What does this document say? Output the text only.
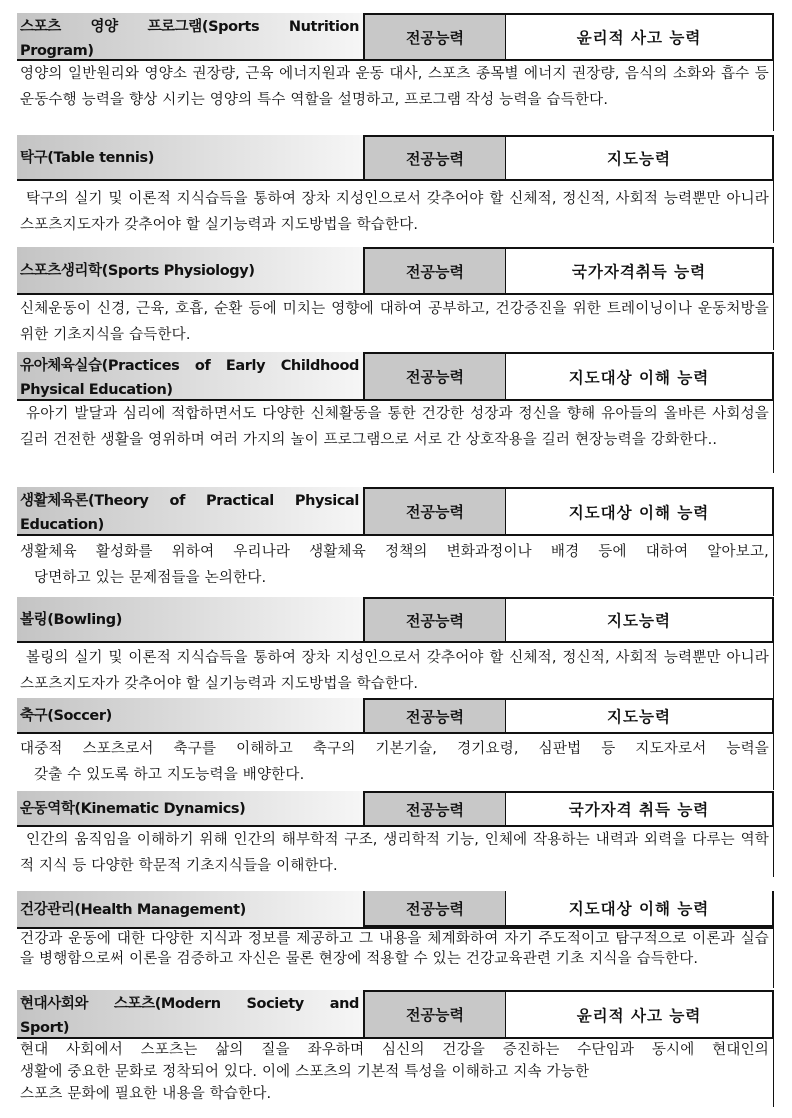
스포츠 영양 프로그램(Sports Nutrition
Program)
전공능력	윤리적 사고 능력
영양의 일반원리와 영양소 권장량, 근육 에너지원과 운동 대사, 스포츠 종목별 에너지 권장량, 음식의 소화와 흡수 등 운동수행 능력을 향상 시키는 영양의 특수 역할을 설명하고, 프로그램 작성 능력을 습득한다.
탁구(Table tennis)	전공능력	지도능력
탁구의 실기 및 이론적 지식습득을 통하여 장차 지성인으로서 갖추어야 할 신체적, 정신적, 사회적 능력뿐만 아니라 스포츠지도자가 갖추어야 할 실기능력과 지도방법을 학습한다.
스포츠생리학(Sports Physiology)	전공능력	국가자격취득 능력
신체운동이 신경, 근육, 호흡, 순환 등에 미치는 영향에 대하여 공부하고, 건강증진을 위한 트레이닝이나 운동처방을 위한 기초지식을 습득한다.
유아체육실습(Practices of Early Childhood
Physical Education)
전공능력	지도대상 이해 능력
유아기 발달과 심리에 적합하면서도 다양한 신체활동을 통한 건강한 성장과 정신을 향해 유아들의 올바른 사회성을 길러 건전한 생활을 영위하며 여러 가지의 놀이 프로그램으로 서로 간 상호작용을 길러 현장능력을 강화한다..
생활체육론(Theory of Practical Physical
Education)
전공능력	지도대상 이해 능력
생활체육 활성화를 위하여 우리나라 생활체육 정책의 변화과정이나 배경 등에 대하여 알아보고,
당면하고 있는 문제점들을 논의한다.
볼링(Bowling)	전공능력	지도능력
볼링의 실기 및 이론적 지식습득을 통하여 장차 지성인으로서 갖추어야 할 신체적, 정신적, 사회적 능력뿐만 아니라 스포츠지도자가 갖추어야 할 실기능력과 지도방법을 학습한다.
축구(Soccer)	전공능력	지도능력
대중적 스포츠로서 축구를 이해하고 축구의 기본기술, 경기요령, 심판법 등 지도자로서 능력을
갖출 수 있도록 하고 지도능력을 배양한다.
운동역학(Kinematic Dynamics)	전공능력	국가자격 취득 능력
인간의 움직임을 이해하기 위해 인간의 해부학적 구조, 생리학적 기능, 인체에 작용하는 내력과 외력을 다루는 역학적 지식 등 다양한 학문적 기초지식들을 이해한다.
건강관리(Health Management)	전공능력	지도대상 이해 능력
건강과 운동에 대한 다양한 지식과 정보를 제공하고 그 내용을 체계화하여 자기 주도적이고 탐구적으로 이론과 실습을 병행함으로써 이론을 검증하고 자신은 물론 현장에 적용할 수 있는 건강교육관련 기초 지식을 습득한다.
현대사회와 스포츠(Modern Society and
Sport)
전공능력	윤리적 사고 능력
현대 사회에서 스포츠는 삶의 질을 좌우하며 심신의 건강을 증진하는 수단임과 동시에 현대인의
생활에 중요한 문화로 정착되어 있다. 이에 스포츠의 기본적 특성을 이해하고 지속 가능한
스포츠 문화에 필요한 내용을 학습한다.
